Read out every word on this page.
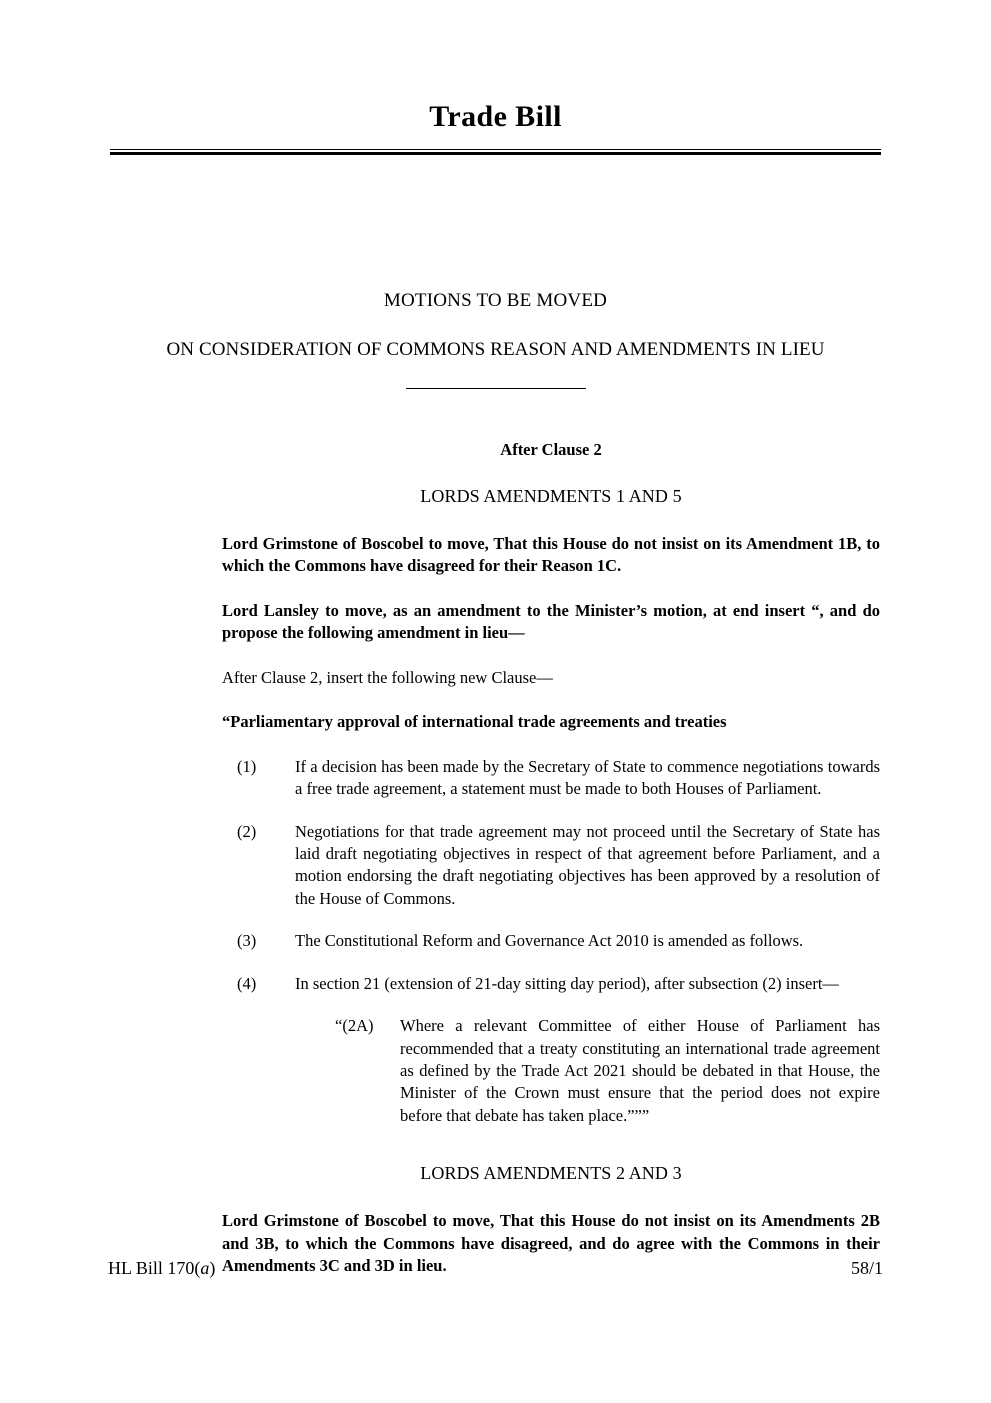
Trade Bill
MOTIONS TO BE MOVED
ON CONSIDERATION OF COMMONS REASON AND AMENDMENTS IN LIEU
After Clause 2
LORDS AMENDMENTS 1 AND 5

Lord Grimstone of Boscobel to move, That this House do not insist on its Amendment 1B, to which the Commons have disagreed for their Reason 1C.

Lord Lansley to move, as an amendment to the Minister’s motion, at end insert “, and do propose the following amendment in lieu—

After Clause 2, insert the following new Clause—

“Parliamentary approval of international trade agreements and treaties

(1)	If a decision has been made by the Secretary of State to commence negotiations towards a free trade agreement, a statement must be made to both Houses of Parliament.
(2)	Negotiations for that trade agreement may not proceed until the Secretary of State has laid draft negotiating objectives in respect of that agreement before Parliament, and a motion endorsing the draft negotiating objectives has been approved by a resolution of the House of Commons.
(3)	The Constitutional Reform and Governance Act 2010 is amended as follows.
(4)	In section 21 (extension of 21-day sitting day period), after subsection (2) insert—
“(2A)	Where a relevant Committee of either House of Parliament has recommended that a treaty constituting an international trade agreement as defined by the Trade Act 2021 should be debated in that House, the Minister of the Crown must ensure that the period does not expire before that debate has taken place.”””
LORDS AMENDMENTS 2 AND 3

Lord Grimstone of Boscobel to move, That this House do not insist on its Amendments 2B and 3B, to which the Commons have disagreed, and do agree with the Commons in their Amendments 3C and 3D in lieu.

HL Bill 170(a)	58/1
